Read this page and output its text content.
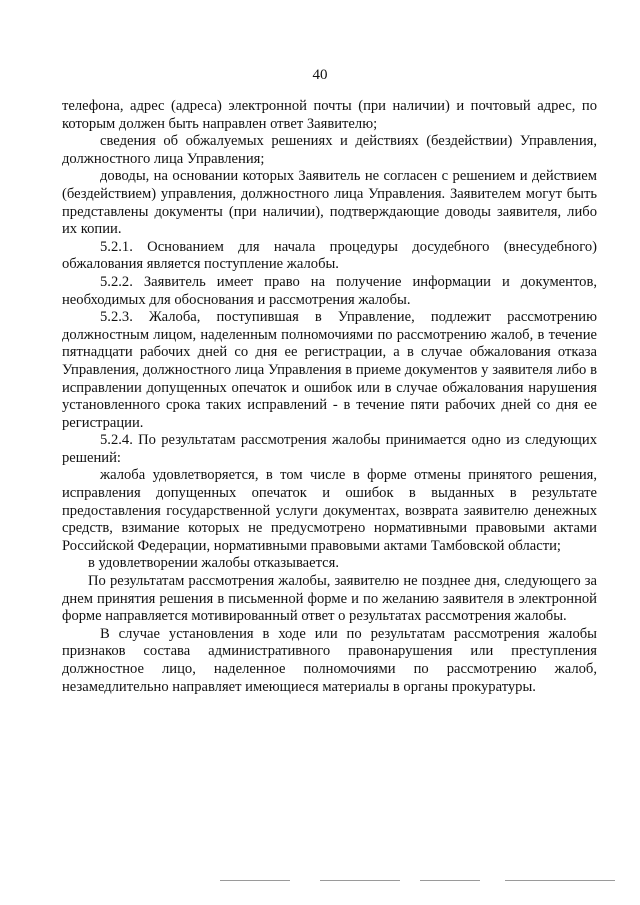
40

телефона, адрес (адреса) электронной почты (при наличии) и почтовый адрес, по которым должен быть направлен ответ Заявителю;

сведения об обжалуемых решениях и действиях (бездействии) Управления, должностного лица Управления;

доводы, на основании которых Заявитель не согласен с решением и действием (бездействием) управления, должностного лица Управления. Заявителем могут быть представлены документы (при наличии), подтверждающие доводы заявителя, либо их копии.

5.2.1. Основанием для начала процедуры досудебного (внесудебного) обжалования является поступление жалобы.

5.2.2. Заявитель имеет право на получение информации и документов, необходимых для обоснования и рассмотрения жалобы.

5.2.3. Жалоба, поступившая в Управление, подлежит рассмотрению должностным лицом, наделенным полномочиями по рассмотрению жалоб, в течение пятнадцати рабочих дней со дня ее регистрации, а в случае обжалования отказа Управления, должностного лица Управления в приеме документов у заявителя либо в исправлении допущенных опечаток и ошибок или в случае обжалования нарушения установленного срока таких исправлений - в течение пяти рабочих дней со дня ее регистрации.

5.2.4. По результатам рассмотрения жалобы принимается одно из следующих решений:

жалоба удовлетворяется, в том числе в форме отмены принятого решения, исправления допущенных опечаток и ошибок в выданных в результате предоставления государственной услуги документах, возврата заявителю денежных средств, взимание которых не предусмотрено нормативными правовыми актами Российской Федерации, нормативными правовыми актами Тамбовской области;

в удовлетворении жалобы отказывается.

По результатам рассмотрения жалобы, заявителю не позднее дня, следующего за днем принятия решения в письменной форме и по желанию заявителя в электронной форме направляется мотивированный ответ о результатах рассмотрения жалобы.

В случае установления в ходе или по результатам рассмотрения жалобы признаков состава административного правонарушения или преступления должностное лицо, наделенное полномочиями по рассмотрению жалоб, незамедлительно направляет имеющиеся материалы в органы прокуратуры.
